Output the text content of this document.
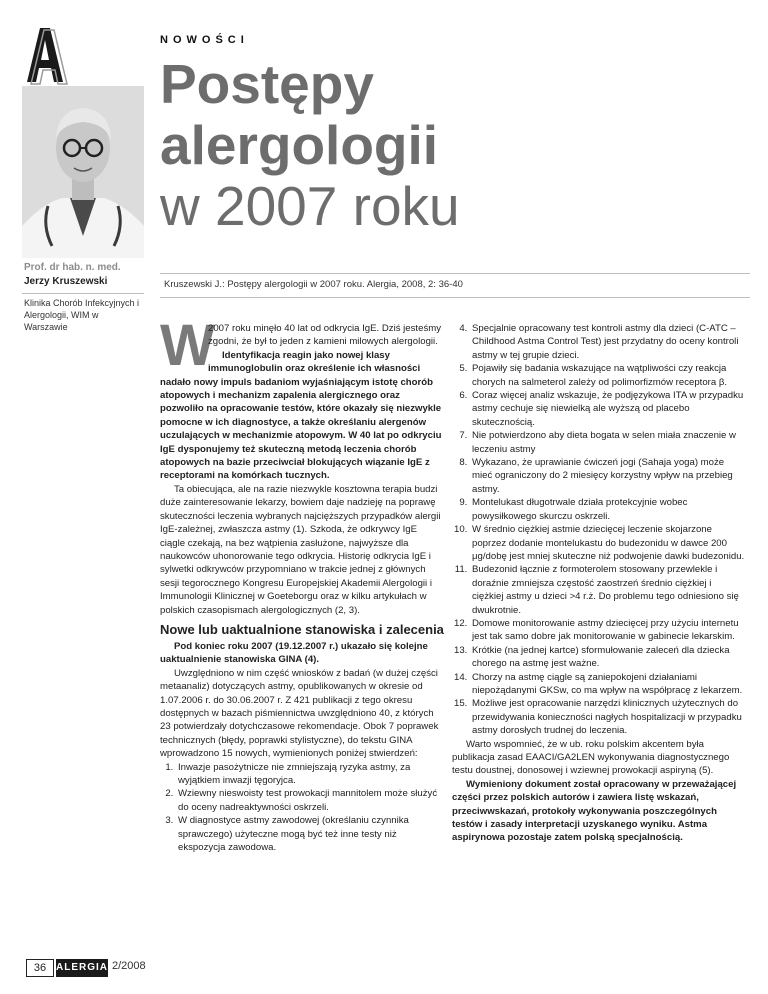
NOWOŚCI
Postępy
alergologii
w 2007 roku
Prof. dr hab. n. med.
Jerzy Kruszewski
Klinika Chorób Infekcyjnych i Alergologii, WIM w Warszawie
Kruszewski J.: Postępy alergologii w 2007 roku. Alergia, 2008, 2: 36-40
W

2007 roku minęło 40 lat od odkrycia IgE. Dziś jesteśmy zgodni, że był to jeden z kamieni milowych alergologii.

Identyfikacja reagin jako nowej klasy immunoglobulin oraz określenie ich własności nadało nowy impuls badaniom wyjaśniającym istotę chorób atopowych i mechanizm zapalenia alergicznego oraz pozwoliło na opracowanie testów, które okazały się niezwykle pomocne w ich diagnostyce, a także określaniu alergenów uczulających w mechanizmie atopowym. W 40 lat po odkryciu IgE dysponujemy też skuteczną metodą leczenia chorób atopowych na bazie przeciwciał blokujących wiązanie IgE z receptorami na komórkach tucznych.

Ta obiecująca, ale na razie niezwykle kosztowna terapia budzi duże zainteresowanie lekarzy, bowiem daje nadzieję na poprawę skuteczności leczenia wybranych najcięższych przypadków alergii IgE-zależnej, zwłaszcza astmy (1). Szkoda, że odkrywcy IgE ciągle czekają, na bez wątpienia zasłużone, najwyższe dla naukowców uhonorowanie tego odkrycia. Historię odkrycia IgE i sylwetki odkrywców przypomniano w trakcie jednej z głównych sesji tegorocznego Kongresu Europejskiej Akademii Alergologii i Immunologii Klinicznej w Goeteborgu oraz w kilku artykułach w polskich czasopismach alergologicznych (2, 3).

Nowe lub uaktualnione stanowiska i zalecenia

Pod koniec roku 2007 (19.12.2007 r.) ukazało się kolejne uaktualnienie stanowiska GINA (4).

Uwzględniono w nim część wniosków z badań (w dużej części metaanaliz) dotyczących astmy, opublikowanych w okresie od 1.07.2006 r. do 30.06.2007 r. Z 421 publikacji z tego okresu dostępnych w bazach piśmiennictwa uwzględniono 40, z których 23 potwierdzały dotychczasowe rekomendacje. Obok 7 poprawek technicznych (błędy, poprawki stylistyczne), do tekstu GINA wprowadzono 15 nowych, wymienionych poniżej stwierdzeń:

1. Inwazje pasożytnicze nie zmniejszają ryzyka astmy, za wyjątkiem inwazji tęgoryjca.
2. Wziewny nieswoisty test prowokacji mannitolem może służyć do oceny nadreaktywności oskrzeli.
3. W diagnostyce astmy zawodowej (określaniu czynnika sprawczego) użyteczne mogą być też inne testy niż ekspozycja zawodowa.
4. Specjalnie opracowany test kontroli astmy dla dzieci (C-ATC – Childhood Astma Control Test) jest przydatny do oceny kontroli astmy w tej grupie dzieci.
5. Pojawiły się badania wskazujące na wątpliwości czy reakcja chorych na salmeterol zależy od polimorfizmów receptora β.
6. Coraz więcej analiz wskazuje, że podjęzykowa ITA w przypadku astmy cechuje się niewielką ale wyższą od placebo skutecznością.
7. Nie potwierdzono aby dieta bogata w selen miała znaczenie w leczeniu astmy
8. Wykazano, że uprawianie ćwiczeń jogi (Sahaja yoga) może mieć ograniczony do 2 miesięcy korzystny wpływ na przebieg astmy.
9. Montelukast długotrwale działa protekcyjnie wobec powysiłkowego skurczu oskrzeli.
10. W średnio ciężkiej astmie dziecięcej leczenie skojarzone poprzez dodanie montelukastu do budezonidu w dawce 200 μg/dobę jest mniej skuteczne niż podwojenie dawki budezonidu.
11. Budezonid łącznie z formoterolem stosowany przewlekle i doraźnie zmniejsza częstość zaostrzeń średnio ciężkiej i ciężkiej astmy u dzieci >4 r.ż. Do problemu tego odniesiono się dwukrotnie.
12. Domowe monitorowanie astmy dziecięcej przy użyciu internetu jest tak samo dobre jak monitorowanie w gabinecie lekarskim.
13. Krótkie (na jednej kartce) sformułowanie zaleceń dla dziecka chorego na astmę jest ważne.
14. Chorzy na astmę ciągle są zaniepokojeni działaniami niepożądanymi GKSw, co ma wpływ na współpracę z lekarzem.
15. Możliwe jest opracowanie narzędzi klinicznych użytecznych do przewidywania konieczności nagłych hospitalizacji w przypadku astmy dorosłych trudnej do leczenia.

Warto wspomnieć, że w ub. roku polskim akcentem była publikacja zasad EAACI/GA2LEN wykonywania diagnostycznego testu doustnej, donosowej i wziewnej prowokacji aspiryną (5).

Wymieniony dokument został opracowany w przeważającej części przez polskich autorów i zawiera listę wskazań, przeciwwskazań, protokoły wykonywania poszczególnych testów i zasady interpretacji uzyskanego wyniku. Astma aspirynowa pozostaje zatem polską specjalnością.

36 ALERGIA 2/2008
